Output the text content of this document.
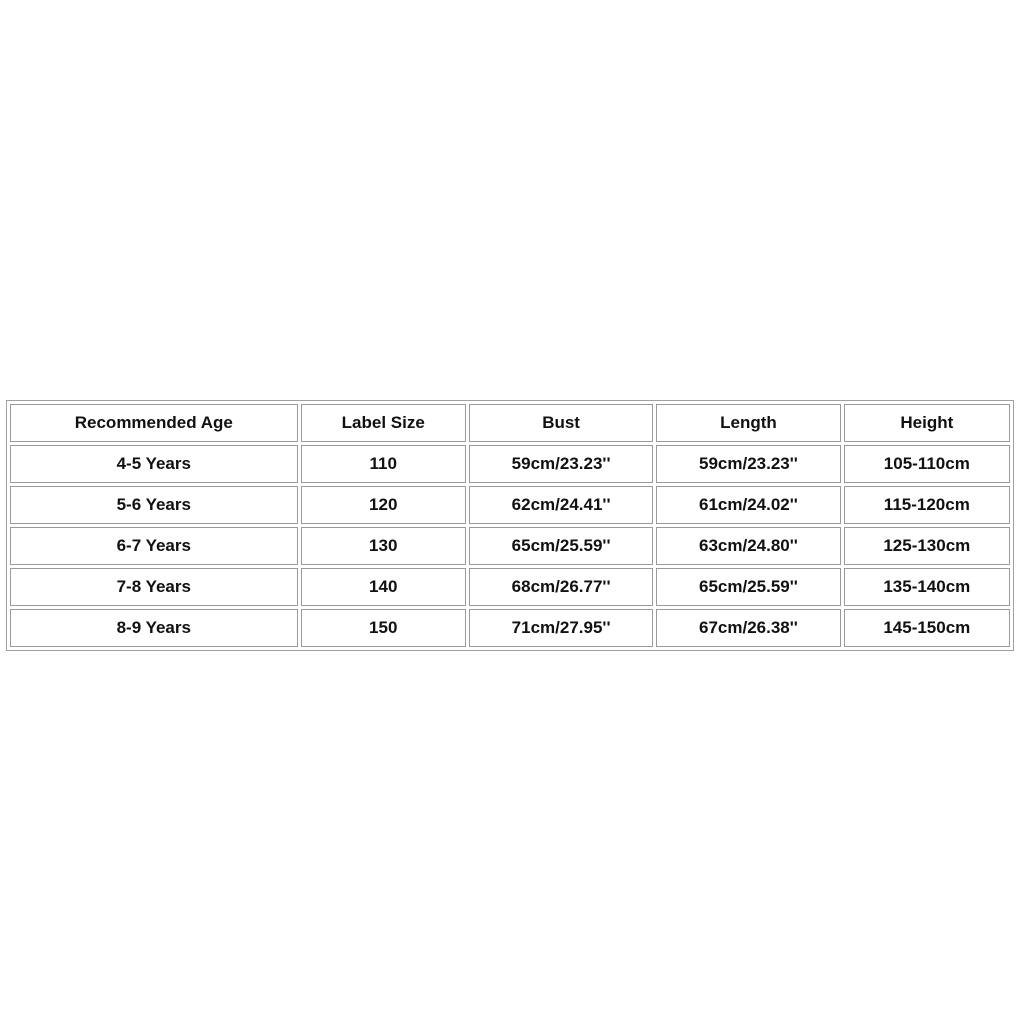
Recommended Age	Label Size	Bust	Length	Height
4-5 Years	110	59cm/23.23''	59cm/23.23''	105-110cm
5-6 Years	120	62cm/24.41''	61cm/24.02''	115-120cm
6-7 Years	130	65cm/25.59''	63cm/24.80''	125-130cm
7-8 Years	140	68cm/26.77''	65cm/25.59''	135-140cm
8-9 Years	150	71cm/27.95''	67cm/26.38''	145-150cm
